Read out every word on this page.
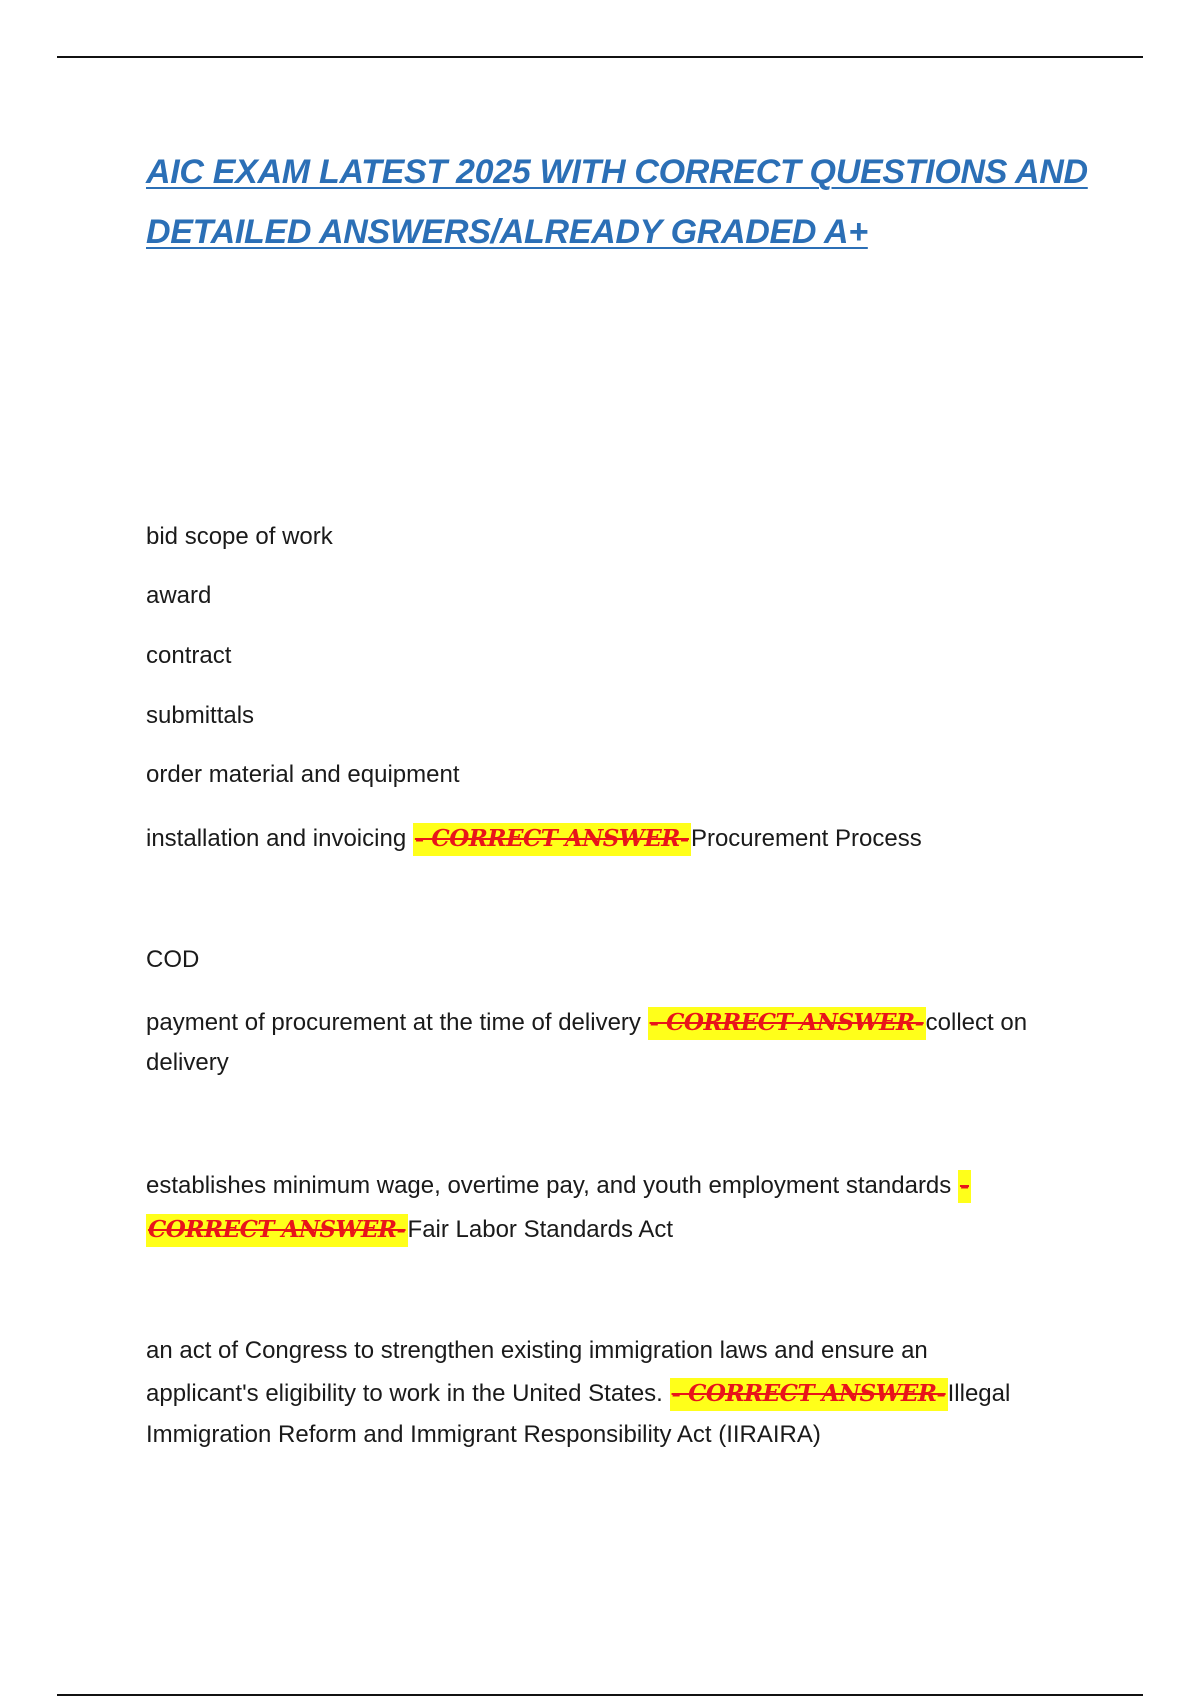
AIC EXAM LATEST 2025 WITH CORRECT QUESTIONS AND
DETAILED ANSWERS/ALREADY GRADED A+

bid scope of work

award

contract

submittals

order material and equipment

installation and invoicing - CORRECT ANSWER-Procurement Process

COD

payment of procurement at the time of delivery - CORRECT ANSWER-collect on

delivery

establishes minimum wage, overtime pay, and youth employment standards -

CORRECT ANSWER-Fair Labor Standards Act

an act of Congress to strengthen existing immigration laws and ensure an

applicant's eligibility to work in the United States. - CORRECT ANSWER-Illegal

Immigration Reform and Immigrant Responsibility Act (IIRAIRA)
